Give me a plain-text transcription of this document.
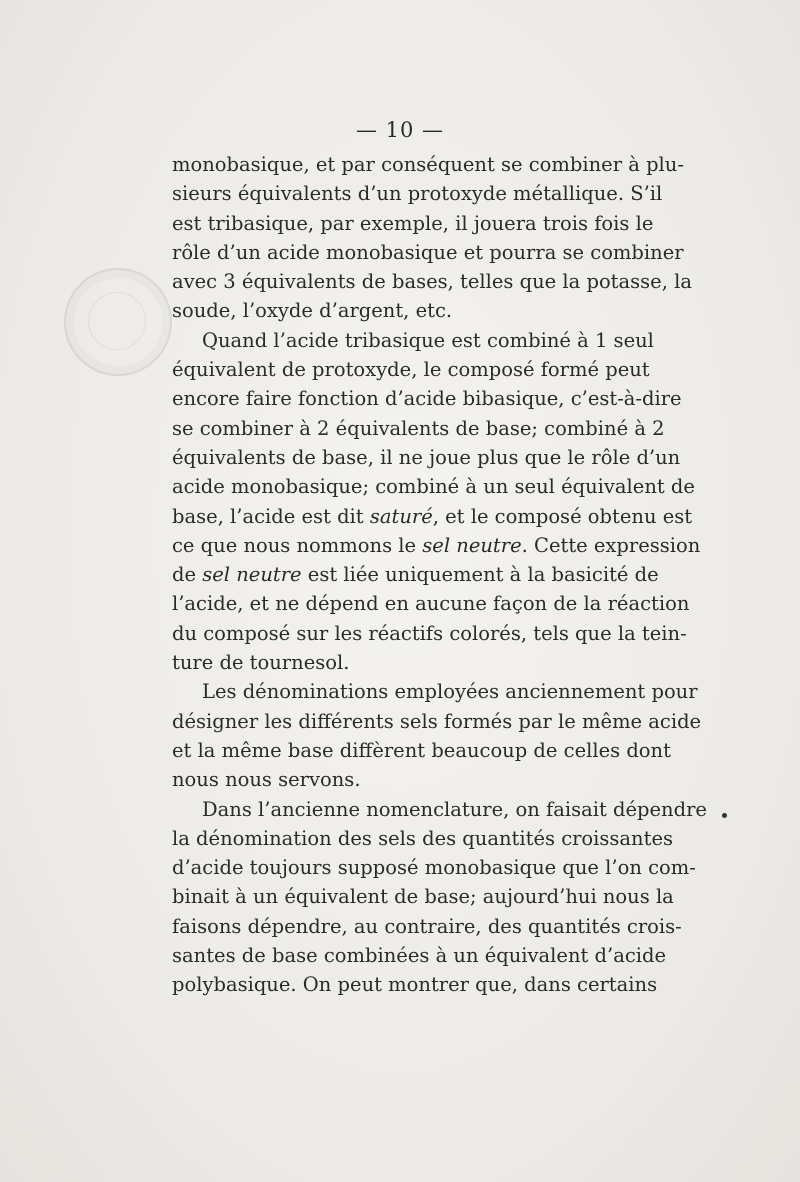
— 10 —
monobasique, et par conséquent se combiner à plu-
sieurs équivalents d’un protoxyde métallique. S’il
est tribasique, par exemple, il jouera trois fois le
rôle d’un acide monobasique et pourra se combiner
avec 3 équivalents de bases, telles que la potasse, la
soude, l’oxyde d’argent, etc.
Quand l’acide tribasique est combiné à 1 seul
équivalent de protoxyde, le composé formé peut
encore faire fonction d’acide bibasique, c’est-à-dire
se combiner à 2 équivalents de base; combiné à 2
équivalents de base, il ne joue plus que le rôle d’un
acide monobasique; combiné à un seul équivalent de
base, l’acide est dit saturé, et le composé obtenu est
ce que nous nommons le sel neutre. Cette expression
de sel neutre est liée uniquement à la basicité de
l’acide, et ne dépend en aucune façon de la réaction
du composé sur les réactifs colorés, tels que la tein-
ture de tournesol.
Les dénominations employées anciennement pour
désigner les différents sels formés par le même acide
et la même base diffèrent beaucoup de celles dont
nous nous servons.
Dans l’ancienne nomenclature, on faisait dépendre
la dénomination des sels des quantités croissantes
d’acide toujours supposé monobasique que l’on com-
binait à un équivalent de base; aujourd’hui nous la
faisons dépendre, au contraire, des quantités crois-
santes de base combinées à un équivalent d’acide
polybasique. On peut montrer que, dans certains
